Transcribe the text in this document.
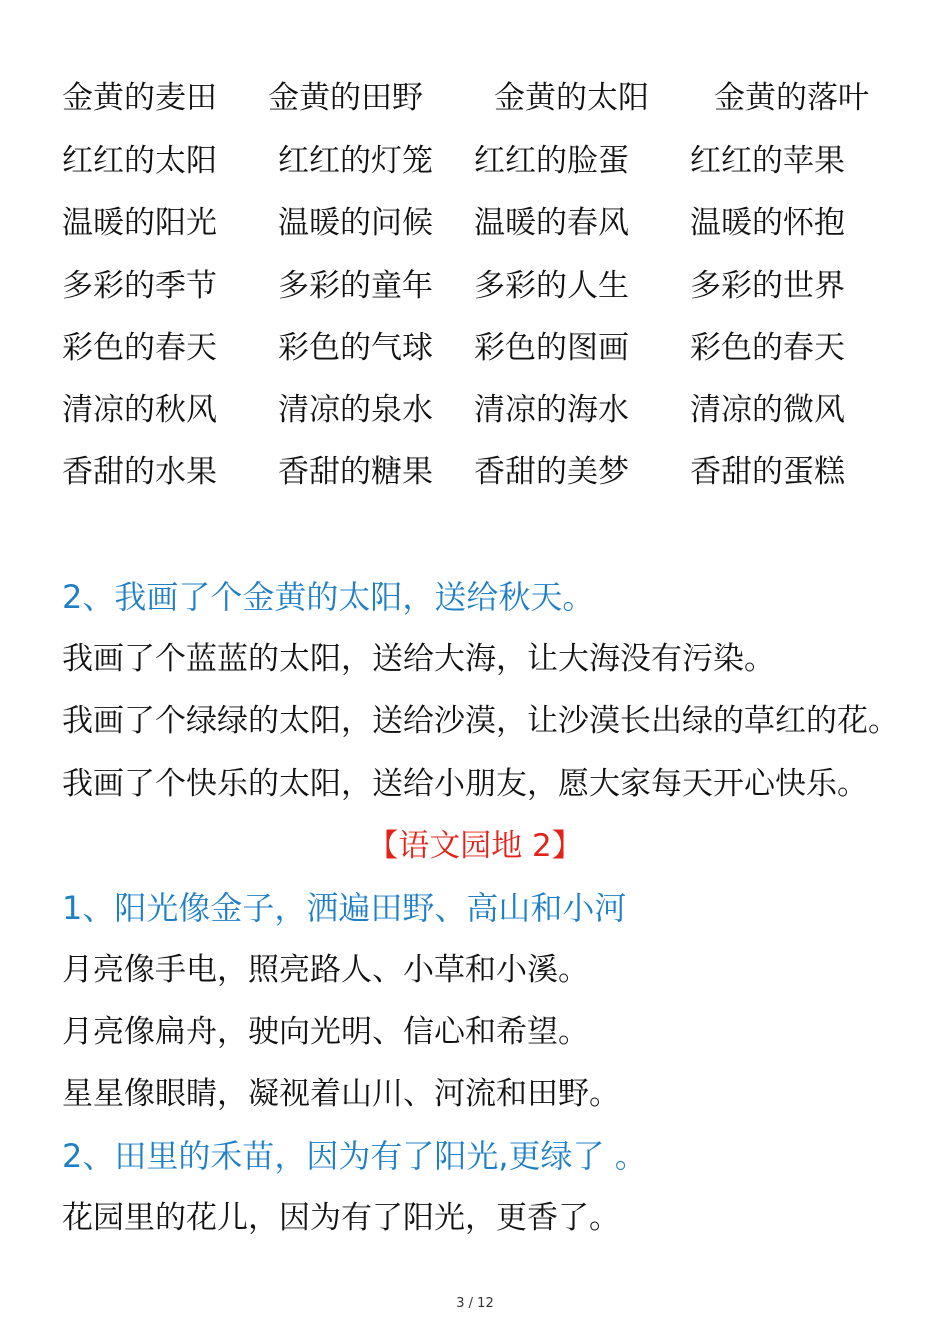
金黄的麦田 金黄的田野 金黄的太阳 金黄的落叶
红红的太阳 红红的灯笼 红红的脸蛋 红红的苹果
温暖的阳光 温暖的问候 温暖的春风 温暖的怀抱
多彩的季节 多彩的童年 多彩的人生 多彩的世界
彩色的春天 彩色的气球 彩色的图画 彩色的春天
清凉的秋风 清凉的泉水 清凉的海水 清凉的微风
香甜的水果 香甜的糖果 香甜的美梦 香甜的蛋糕
2、我画了个金黄的太阳，送给秋天。
我画了个蓝蓝的太阳，送给大海，让大海没有污染。
我画了个绿绿的太阳，送给沙漠，让沙漠长出绿的草红的花。
我画了个快乐的太阳，送给小朋友，愿大家每天开心快乐。
【语文园地 2】
1、阳光像金子，洒遍田野、高山和小河
月亮像手电，照亮路人、小草和小溪。
月亮像扁舟，驶向光明、信心和希望。
星星像眼睛，凝视着山川、河流和田野。
2、田里的禾苗，因为有了阳光,更绿了 。
花园里的花儿，因为有了阳光，更香了。
3 / 12
